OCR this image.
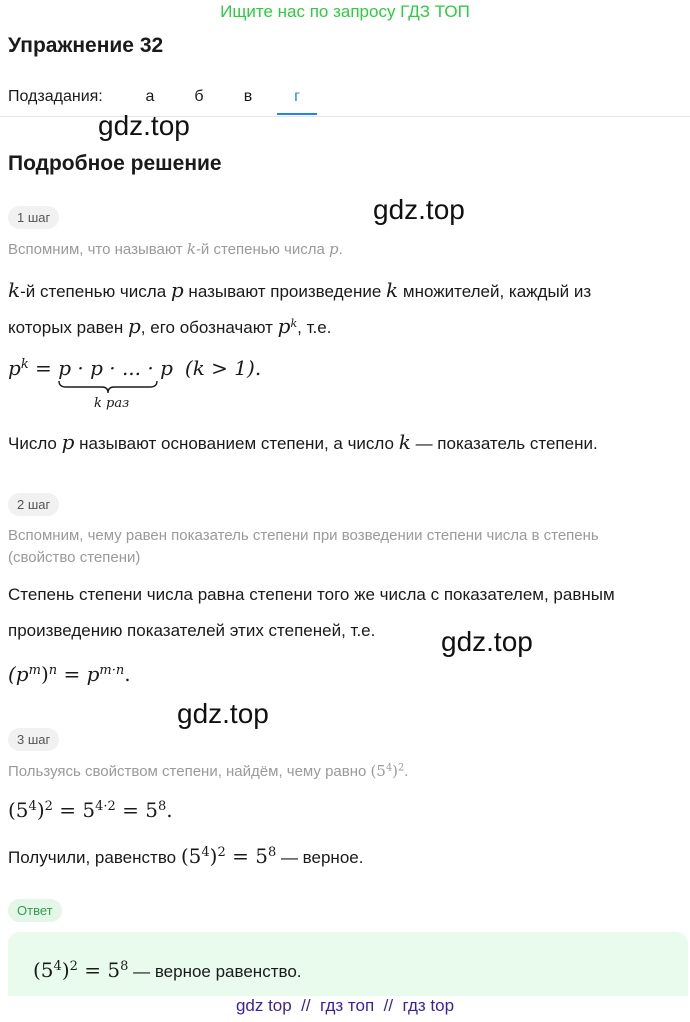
Ищите нас по запросу ГДЗ ТОП
Упражнение 32
Подзадания:	а	б	в	г
gdz.top
Подробное решение
gdz.top
1 шаг
Вспомним, что называют k-й степенью числа p.
k-й степенью числа p называют произведение k множителей, каждый из
которых равен p, его обозначают $p^k$, т.е.
$p^k = p \cdot p$ · ... · p (k > 1).
k раз
Число p называют основанием степени, а число k — показатель степени.
2 шаг
Вспомним, чему равен показатель степени при возведении степени числа в степень
(свойство степени)
Степень степени числа равна степени того же числа с показателем, равным
произведению показателей этих степеней, т.е. gdz.top
$(p^m)^n = p^{m\cdot n}$.
gdz.top
3 шаг
Пользуясь свойством степени, найдём, чему равно $(5^4)^2$.
$(5^4)^2 = 5^{4\cdot 2} = 5^8$.
Получили, равенство $(5^4)^2 = 5^8$ — верное.
Ответ
$(5^4)^2 = 5^8$ — верное равенство.
gdz top  //  гдз топ  //  гдз top
